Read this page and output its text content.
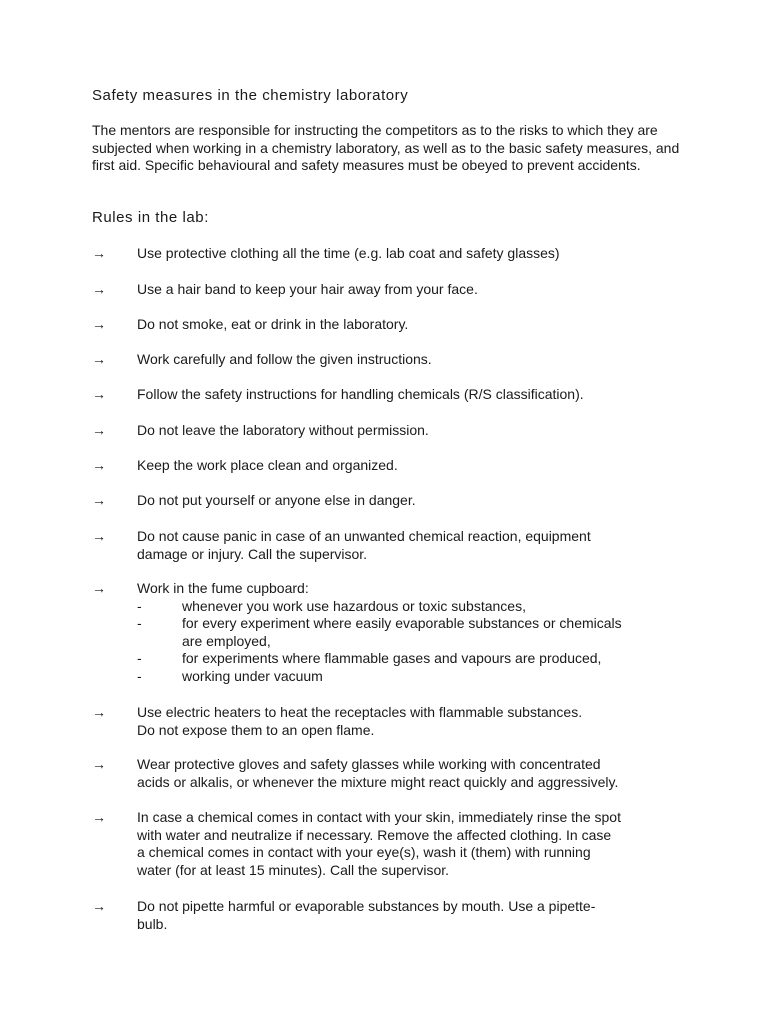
Safety measures in the chemistry laboratory

The mentors are responsible for instructing the competitors as to the risks to which they are subjected when working in a chemistry laboratory, as well as to the basic safety measures, and first aid. Specific behavioural and safety measures must be obeyed to prevent accidents.

Rules in the lab:
→ Use protective clothing all the time (e.g. lab coat and safety glasses)
→ Use a hair band to keep your hair away from your face.
→ Do not smoke, eat or drink in the laboratory.
→ Work carefully and follow the given instructions.
→ Follow the safety instructions for handling chemicals (R/S classification).
→ Do not leave the laboratory without permission.
→ Keep the work place clean and organized.
→ Do not put yourself or anyone else in danger.
→ Do not cause panic in case of an unwanted chemical reaction, equipment
damage or injury. Call the supervisor.
→ Work in the fume cupboard:
-	whenever you work use hazardous or toxic substances,
-	for every experiment where easily evaporable substances or chemicals
are employed,
-	for experiments where flammable gases and vapours are produced,
-	working under vacuum
→ Use electric heaters to heat the receptacles with flammable substances.
Do not expose them to an open flame.
→ Wear protective gloves and safety glasses while working with concentrated
acids or alkalis, or whenever the mixture might react quickly and aggressively.
→ In case a chemical comes in contact with your skin, immediately rinse the spot
with water and neutralize if necessary. Remove the affected clothing. In case
a chemical comes in contact with your eye(s), wash it (them) with running
water (for at least 15 minutes). Call the supervisor.
→ Do not pipette harmful or evaporable substances by mouth. Use a pipette-
bulb.
